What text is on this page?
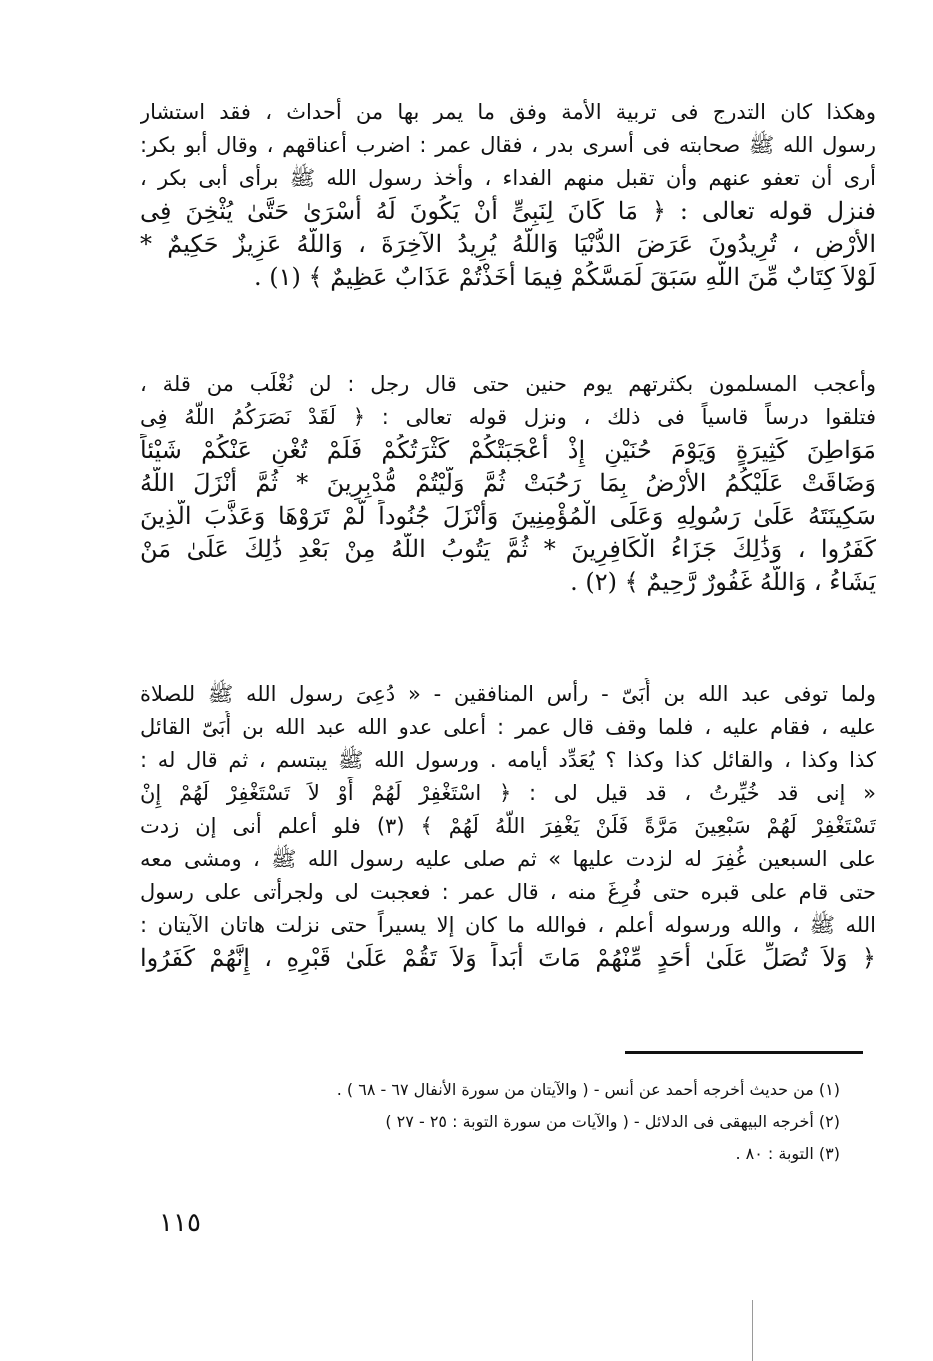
وهكذا كان التدرج فى تربية الأمة وفق ما يمر بها من أحداث ، فقد استشار
رسول الله ﷺ صحابته فى أسرى بدر ، فقال عمر : اضرب أعناقهم ، وقال أبو بكر:
أرى أن تعفو عنهم وأن تقبل منهم الفداء ، وأخذ رسول الله ﷺ برأى أبى بكر ،
فنزل قوله تعالى : ﴿ مَا كَانَ لِنَبِىٍّ أَنْ يَكُونَ لَهُ أَسْرَىٰ حَتَّىٰ يُثْخِنَ فِى
الأَرْضِ ، تُرِيدُونَ عَرَضَ الدُّنْيَا وَاللَّهُ يُرِيدُ الآخِرَةَ ، وَاللَّهُ عَزِيزٌ حَكِيمٌ *
لَوْلاَ كِتَابٌ مِّنَ اللَّهِ سَبَقَ لَمَسَّكُمْ فِيمَا أَخَذْتُمْ عَذَابٌ عَظِيمٌ ﴾ (١) .

وأعجب المسلمون بكثرتهم يوم حنين حتى قال رجل : لن نُغْلَب من قلة ،
فتلقوا درساً قاسياً فى ذلك ، ونزل قوله تعالى : ﴿ لَقَدْ نَصَرَكُمُ اللَّهُ فِى
مَوَاطِنَ كَثِيرَةٍ وَيَوْمَ حُنَيْنٍ إِذْ أَعْجَبَتْكُمْ كَثْرَتُكُمْ فَلَمْ تُغْنِ عَنْكُمْ شَيْئاً
وَضَاقَتْ عَلَيْكُمُ الأَرْضُ بِمَا رَحُبَتْ ثُمَّ وَلَّيْتُمْ مُّدْبِرِينَ * ثُمَّ أَنْزَلَ اللَّهُ
سَكِينَتَهُ عَلَىٰ رَسُولِهِ وَعَلَى الْمُؤْمِنِينَ وَأَنْزَلَ جُنُوداً لَّمْ تَرَوْهَا وَعَذَّبَ الَّذِينَ
كَفَرُوا ، وَذَٰلِكَ جَزَاءُ الْكَافِرِينَ * ثُمَّ يَتُوبُ اللَّهُ مِنْ بَعْدِ ذَٰلِكَ عَلَىٰ مَنْ
يَشَاءُ ، وَاللَّهُ غَفُورٌ رَّحِيمٌ ﴾ (٢) .

ولما توفى عبد الله بن أُبَىّ - رأس المنافقين - « دُعِىَ رسول الله ﷺ للصلاة
عليه ، فقام عليه ، فلما وقف قال عمر : أعلى عدو الله عبد الله بن أُبَىّ القائل
كذا وكذا ، والقائل كذا وكذا ؟ يُعَدِّد أيامه . ورسول الله ﷺ يبتسم ، ثم قال له :
« إنى قد خُيِّرتُ ، قد قيل لى : ﴿ اسْتَغْفِرْ لَهُمْ أَوْ لاَ تَسْتَغْفِرْ لَهُمْ إِنْ
تَسْتَغْفِرْ لَهُمْ سَبْعِينَ مَرَّةً فَلَنْ يَغْفِرَ اللَّهُ لَهُمْ ﴾ (٣) فلو أعلم أنى إن زدت
على السبعين غُفِرَ له لزدت عليها » ثم صلى عليه رسول الله ﷺ ، ومشى معه
حتى قام على قبره حتى فُرِغَ منه ، قال عمر : فعجبت لى ولجرأتى على رسول
الله ﷺ ، والله ورسوله أعلم ، فوالله ما كان إلا يسيراً حتى نزلت هاتان الآيتان :
﴿ وَلاَ تُصَلِّ عَلَىٰ أَحَدٍ مِّنْهُمْ مَاتَ أَبَداً وَلاَ تَقُمْ عَلَىٰ قَبْرِهِ ، إِنَّهُمْ كَفَرُوا

(١) من حديث أخرجه أحمد عن أنس - ( والآيتان من سورة الأنفال ٦٧ - ٦٨ ) .
(٢) أخرجه البيهقى فى الدلائل - ( والآيات من سورة التوبة : ٢٥ - ٢٧ )
(٣) التوبة : ٨٠ .
١١٥
